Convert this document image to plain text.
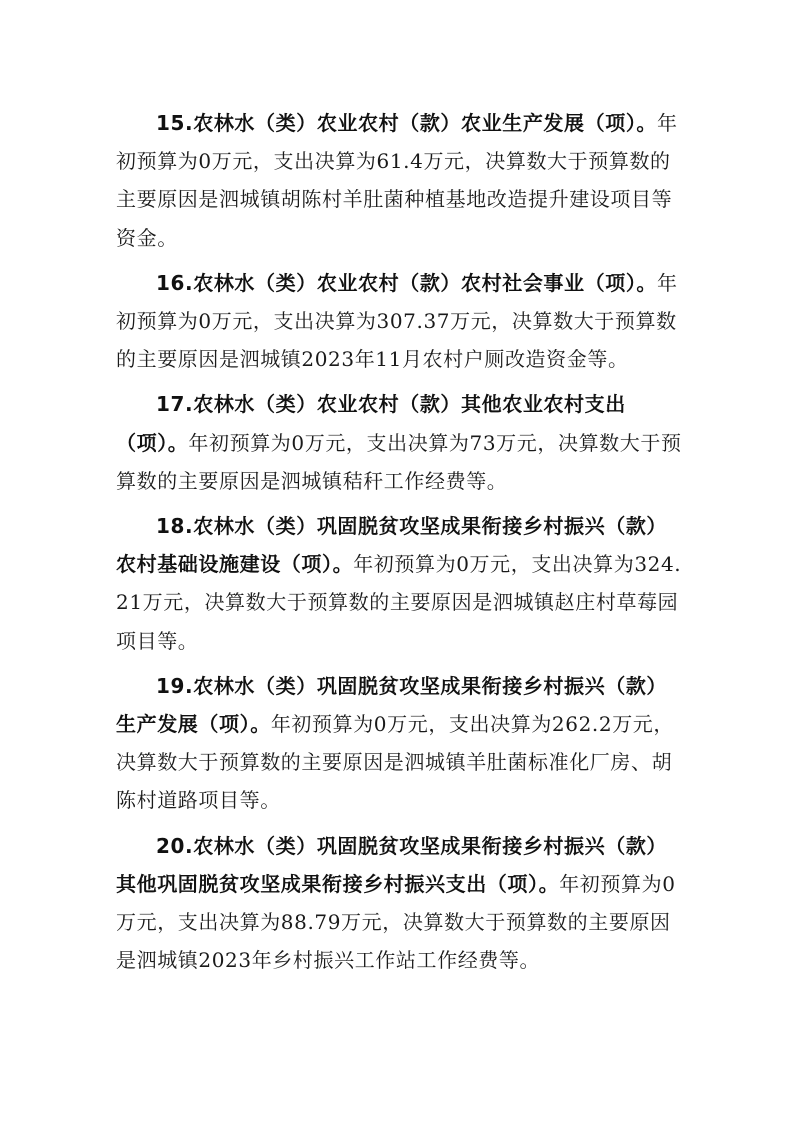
15.农林水（类）农业农村（款）农业生产发展（项）。年初预算为0万元，支出决算为61.4万元，决算数大于预算数的主要原因是泗城镇胡陈村羊肚菌种植基地改造提升建设项目等资金。

16.农林水（类）农业农村（款）农村社会事业（项）。年初预算为0万元，支出决算为307.37万元，决算数大于预算数的主要原因是泗城镇2023年11月农村户厕改造资金等。

17.农林水（类）农业农村（款）其他农业农村支出（项）。年初预算为0万元，支出决算为73万元，决算数大于预算数的主要原因是泗城镇秸秆工作经费等。

18.农林水（类）巩固脱贫攻坚成果衔接乡村振兴（款）农村基础设施建设（项）。年初预算为0万元，支出决算为324.21万元，决算数大于预算数的主要原因是泗城镇赵庄村草莓园项目等。

19.农林水（类）巩固脱贫攻坚成果衔接乡村振兴（款）生产发展（项）。年初预算为0万元，支出决算为262.2万元，决算数大于预算数的主要原因是泗城镇羊肚菌标准化厂房、胡陈村道路项目等。

20.农林水（类）巩固脱贫攻坚成果衔接乡村振兴（款）其他巩固脱贫攻坚成果衔接乡村振兴支出（项）。年初预算为0万元，支出决算为88.79万元，决算数大于预算数的主要原因是泗城镇2023年乡村振兴工作站工作经费等。
